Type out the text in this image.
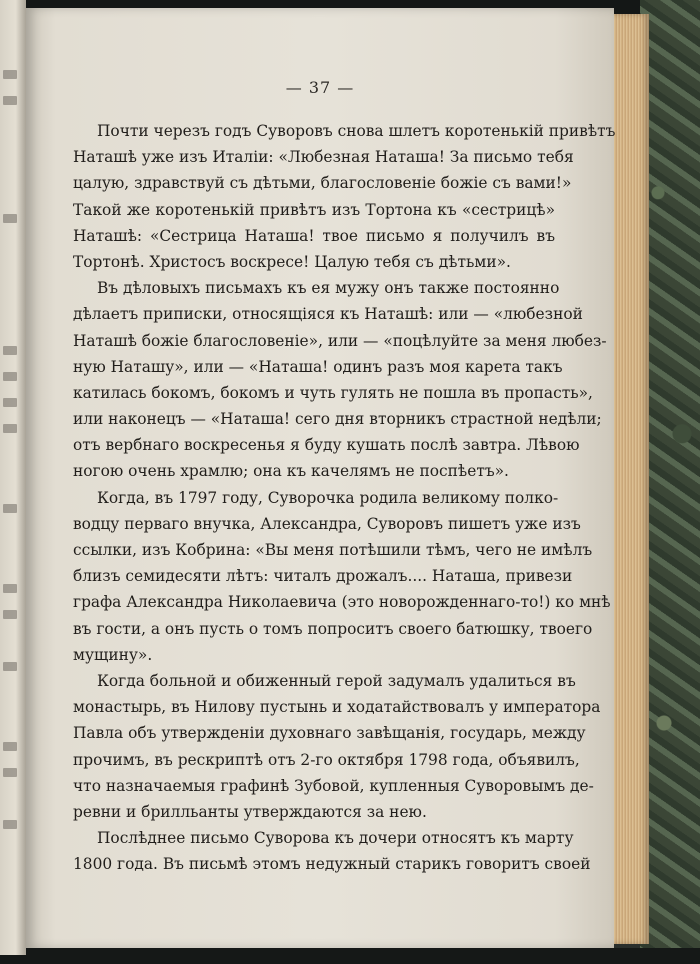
— 37 —
Почти черезъ годъ Суворовъ снова шлетъ коротенькій привѣтъ
Наташѣ уже изъ Италіи: «Любезная Наташа! За письмо тебя
цалую, здравствуй съ дѣтьми, благословеніе божіе съ вами!»
Такой же коротенькій привѣтъ изъ Тортона къ «сестрицѣ»
Наташѣ: «Сестрица Наташа! твое письмо я получилъ въ
Тортонѣ. Христосъ воскресе! Цалую тебя съ дѣтьми».
Въ дѣловыхъ письмахъ къ ея мужу онъ также постоянно
дѣлаетъ приписки, относящіяся къ Наташѣ: или — «любезной
Наташѣ божіе благословеніе», или — «поцѣлуйте за меня любез-
ную Наташу», или — «Наташа! одинъ разъ моя карета такъ
катилась бокомъ, бокомъ и чуть гулять не пошла въ пропасть»,
или наконецъ — «Наташа! сего дня вторникъ страстной недѣли;
отъ вербнаго воскресенья я буду кушать послѣ завтра. Лѣвою
ногою очень храмлю; она къ качелямъ не поспѣетъ».
Когда, въ 1797 году, Суворочка родила великому полко-
водцу перваго внучка, Александра, Суворовъ пишетъ уже изъ
ссылки, изъ Кобрина: «Вы меня потѣшили тѣмъ, чего не имѣлъ
близъ семидесяти лѣтъ: читалъ дрожалъ.... Наташа, привези
графа Александра Николаевича (это новорожденнаго-то!) ко мнѣ
въ гости, а онъ пусть о томъ попроситъ своего батюшку, твоего
мущину».
Когда больной и обиженный герой задумалъ удалиться въ
монастырь, въ Нилову пустынь и ходатайствовалъ у императора
Павла объ утвержденіи духовнаго завѣщанія, государь, между
прочимъ, въ рескриптѣ отъ 2-го октября 1798 года, объявилъ,
что назначаемыя графинѣ Зубовой, купленныя Суворовымъ де-
ревни и брилльанты утверждаются за нею.
Послѣднее письмо Суворова къ дочери относятъ къ марту
1800 года. Въ письмѣ этомъ недужный старикъ говоритъ своей
